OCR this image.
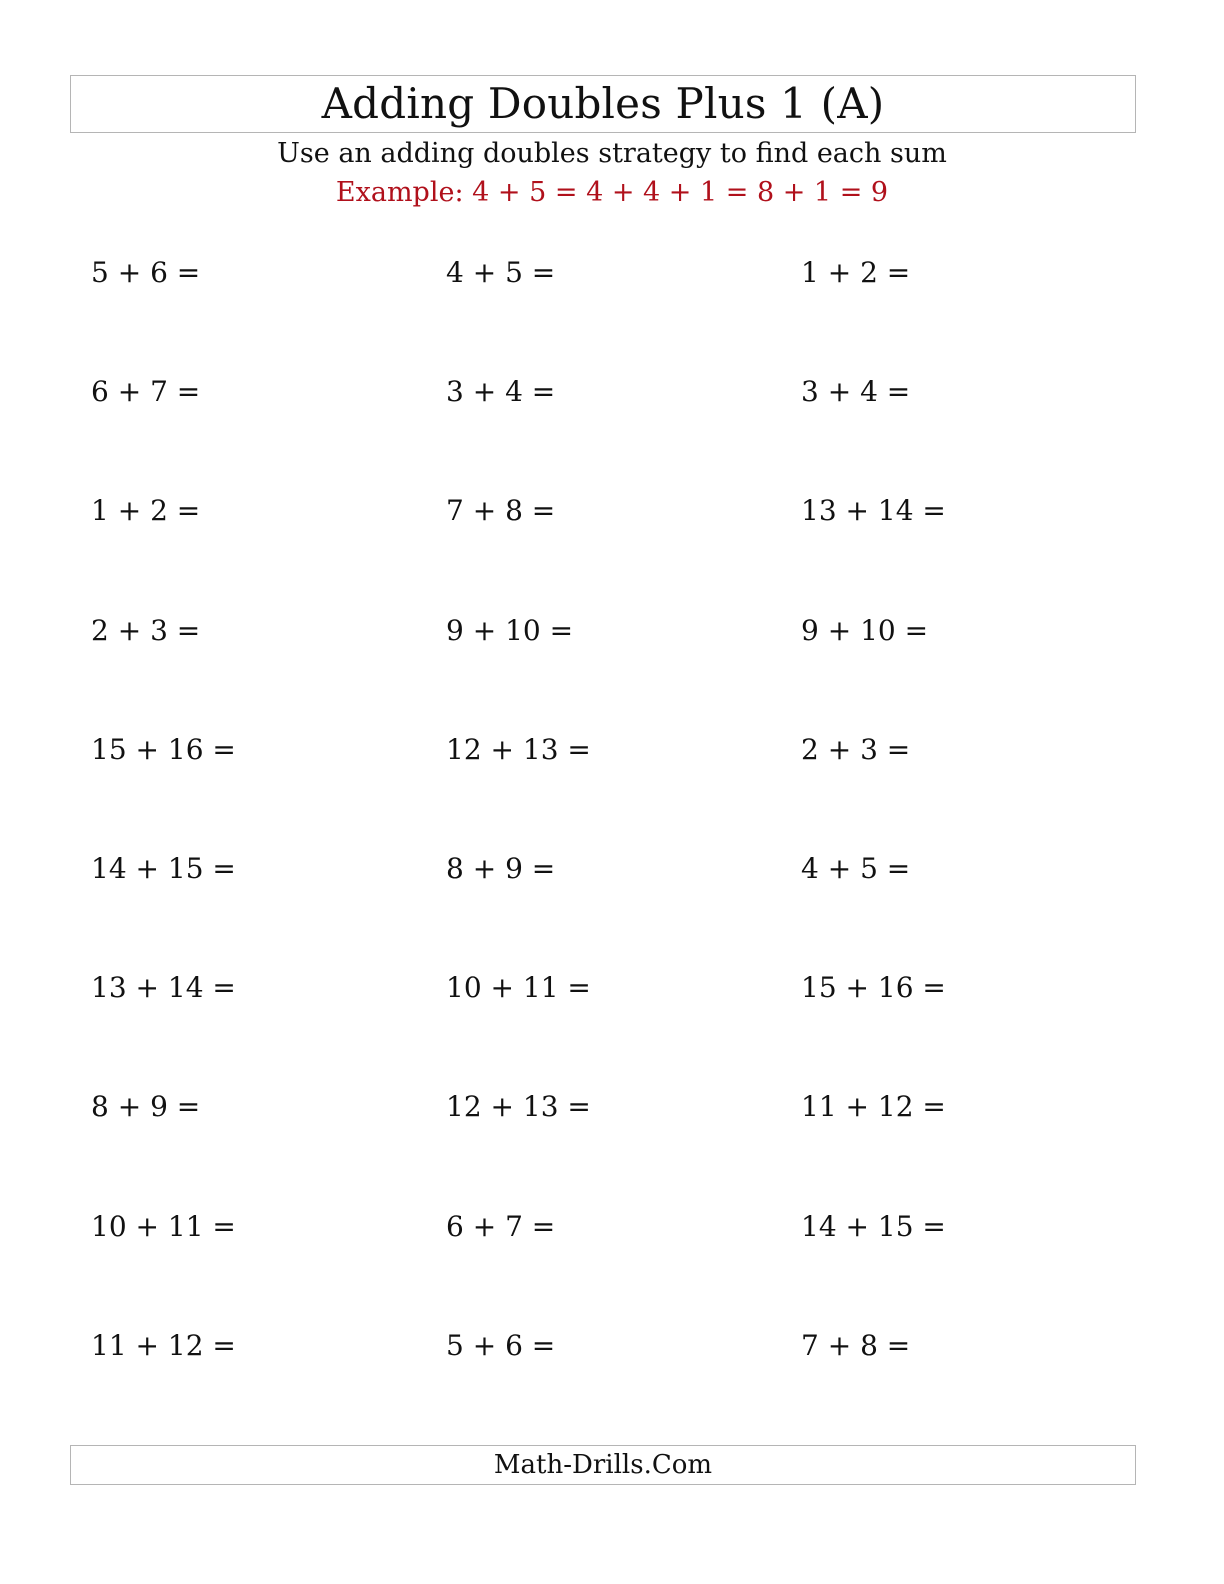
Adding Doubles Plus 1 (A)
Use an adding doubles strategy to find each sum
Example: 4 + 5 = 4 + 4 + 1 = 8 + 1 = 9
5 + 6 =	4 + 5 =	1 + 2 =
6 + 7 =	3 + 4 =	3 + 4 =
1 + 2 =	7 + 8 =	13 + 14 =
2 + 3 =	9 + 10 =	9 + 10 =
15 + 16 =	12 + 13 =	2 + 3 =
14 + 15 =	8 + 9 =	4 + 5 =
13 + 14 =	10 + 11 =	15 + 16 =
8 + 9 =	12 + 13 =	11 + 12 =
10 + 11 =	6 + 7 =	14 + 15 =
11 + 12 =	5 + 6 =	7 + 8 =
Math-Drills.Com
